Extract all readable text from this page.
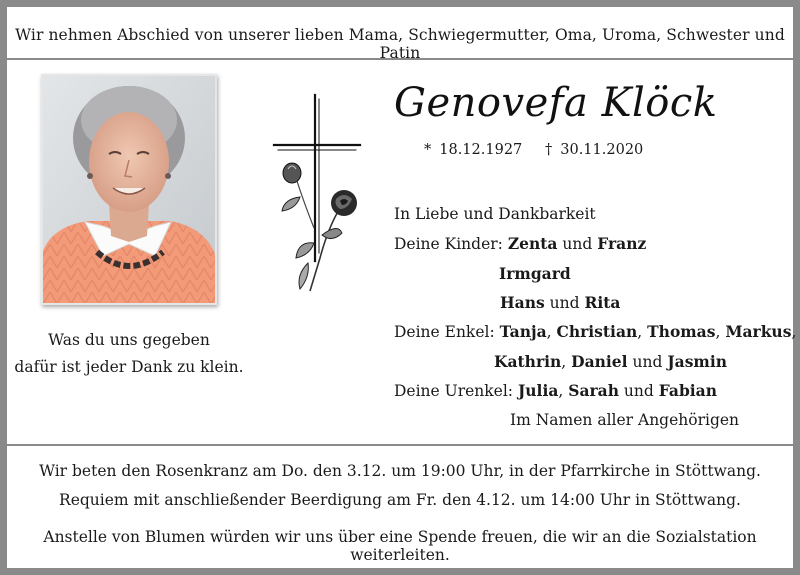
Wir nehmen Abschied von unserer lieben Mama, Schwiegermutter, Oma, Uroma, Schwester und Patin
Was du uns gegeben
dafür ist jeder Dank zu klein.
Genovefa Klöck
* 18.12.1927 † 30.11.2020
In Liebe und Dankbarkeit
Deine Kinder: Zenta und Franz
Irmgard
Hans und Rita
Deine Enkel: Tanja, Christian, Thomas, Markus,
Kathrin, Daniel und Jasmin
Deine Urenkel: Julia, Sarah und Fabian
Im Namen aller Angehörigen
Wir beten den Rosenkranz am Do. den 3.12. um 19:00 Uhr, in der Pfarrkirche in Stöttwang.
Requiem mit anschließender Beerdigung am Fr. den 4.12. um 14:00 Uhr in Stöttwang.
Anstelle von Blumen würden wir uns über eine Spende freuen, die wir an die Sozialstation weiterleiten.
